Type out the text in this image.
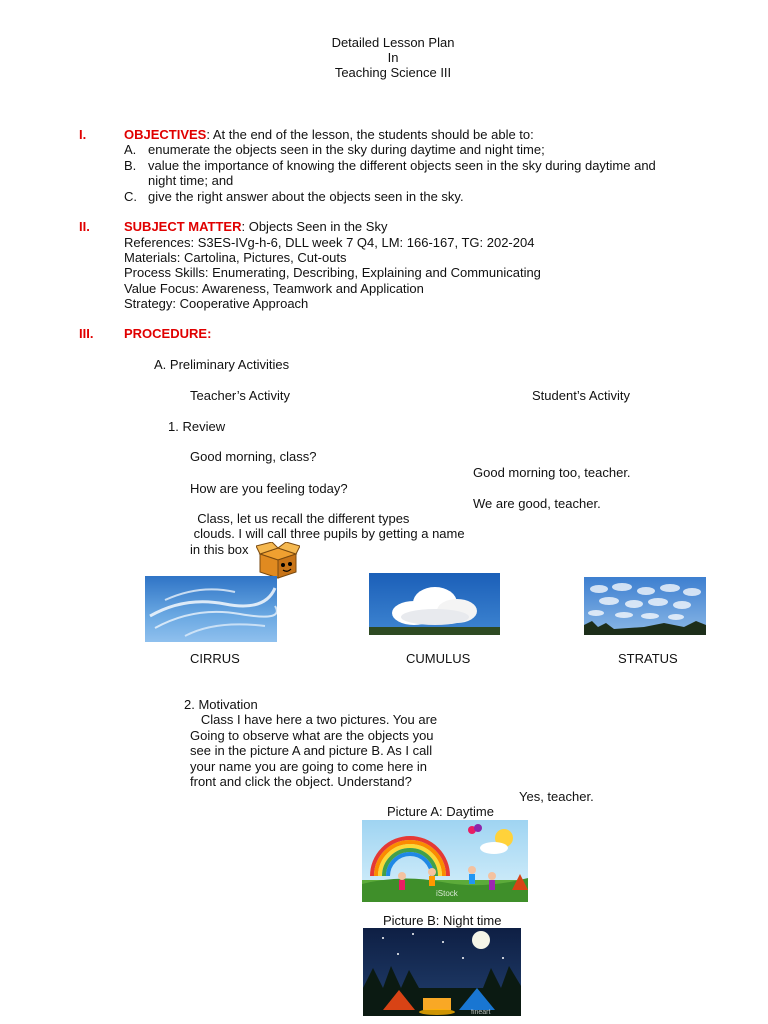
Detailed Lesson Plan
In
Teaching Science III
I.	OBJECTIVES: At the end of the lesson, the students should be able to:
A. enumerate the objects seen in the sky during daytime and night time;
B. value the importance of knowing the different objects seen in the sky during daytime and
night time; and
C. give the right answer about the objects seen in the sky.
II.	SUBJECT MATTER: Objects Seen in the Sky
References: S3ES-IVg-h-6, DLL week 7 Q4, LM: 166-167, TG: 202-204
Materials: Cartolina, Pictures, Cut-outs
Process Skills: Enumerating, Describing, Explaining and Communicating
Value Focus: Awareness, Teamwork and Application
Strategy: Cooperative Approach
III. PROCEDURE:
A. Preliminary Activities
Teacher’s Activity	Student’s Activity
1. Review
Good morning, class?
Good morning too, teacher.
How are you feeling today?
We are good, teacher.
Class, let us recall the different types
clouds. I will call three pupils by getting a name
in this box
CIRRUS	CUMULUS	STRATUS
2. Motivation
Class I have here a two pictures. You are
Going to observe what are the objects you
see in the picture A and picture B. As I call
your name you are going to come here in
front and click the object. Understand?
Yes, teacher.
Picture A: Daytime
iStock
Picture B: Night time
fineart
